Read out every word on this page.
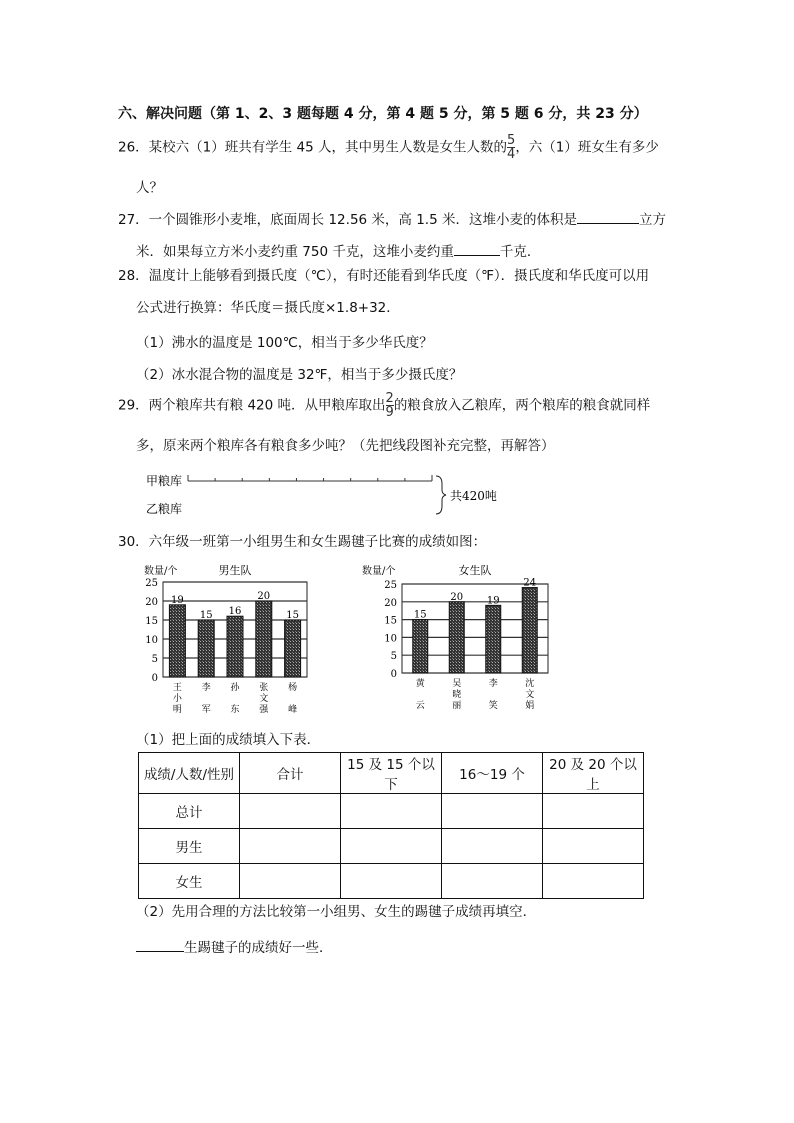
六、解决问题（第 1、2、3 题每题 4 分，第 4 题 5 分，第 5 题 6 分，共 23 分）
26．某校六（1）班共有学生 45 人，其中男生人数是女生人数的 $\frac{5}{4}$ ，六（1）班女生有多少
人？
27．一个圆锥形小麦堆，底面周长 12.56 米，高 1.5 米．这堆小麦的体积是	立方
米．如果每立方米小麦约重 750 千克，这堆小麦约重	千克．
28．温度计上能够看到摄氏度（℃），有时还能看到华氏度（℉）．摄氏度和华氏度可以用
公式进行换算：华氏度＝摄氏度×1.8+32．
（1）沸水的温度是 100℃，相当于多少华氏度？
（2）冰水混合物的温度是 32℉，相当于多少摄氏度？
29．两个粮库共有粮 420 吨．从甲粮库取出 $\frac{2}{9}$ 的粮食放入乙粮库，两个粮库的粮食就同样
多，原来两个粮库各有粮食多少吨？（先把线段图补充完整，再解答）
甲粮库
乙粮库
共420吨
30．六年级一班第一小组男生和女生踢毽子比赛的成绩如图：
数量/个	男生队
0
5
10
15
20
25
19
王
小
明
15
李
军
16
孙
东
20
张
文
强
15
杨
峰
数量/个	女生队
0
5
10
15
20
25
15
黄
云
20
吴
晓
丽
19
李
笑
24
沈
文
娟
（1）把上面的成绩填入下表．
成绩/人数/性别	合计	15 及 15 个以下	16～19 个	20 及 20 个以上
总计				
男生				
女生				
（2）先用合理的方法比较第一小组男、女生的踢毽子成绩再填空．
生踢毽子的成绩好一些．
